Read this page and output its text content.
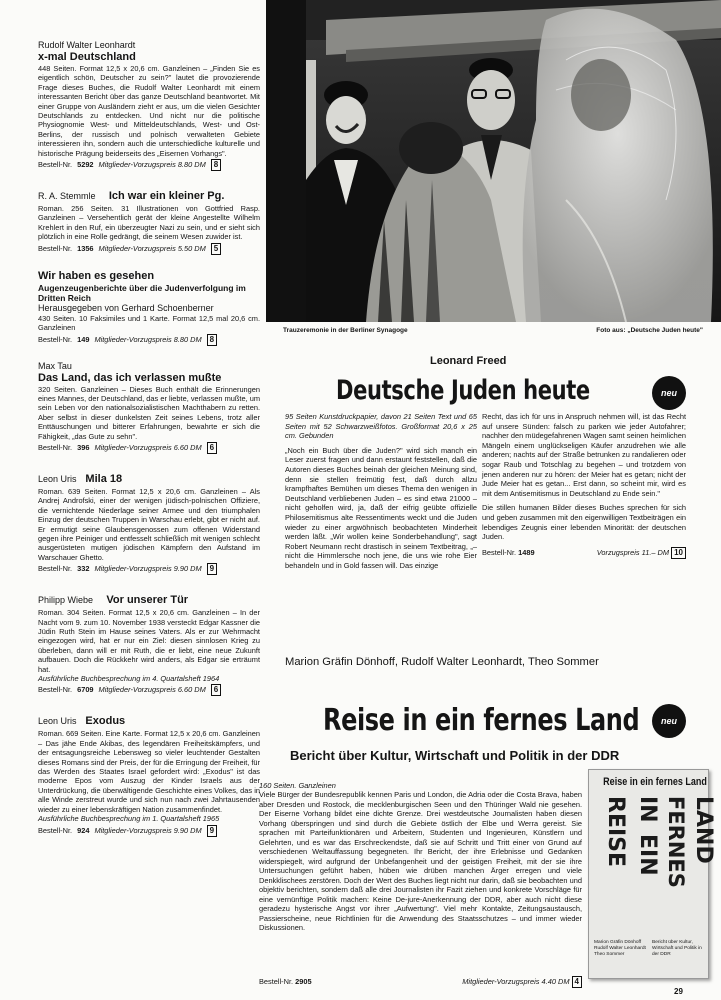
Rudolf Walter Leonhardt
x-mal Deutschland
448 Seiten. Format 12,5 x 20,6 cm. Ganzleinen – „Finden Sie es eigentlich schön, Deutscher zu sein?" lautet die provozierende Frage dieses Buches, die Rudolf Walter Leonhardt mit einem interessanten Bericht über das ganze Deutschland beantwortet. Mit einer Gruppe von Ausländern zieht er aus, um die vielen Gesichter Deutschlands zu entdecken. Und nicht nur die politische Physiognomie West- und Mitteldeutschlands, West- und Ost-Berlins, der russisch und polnisch verwalteten Gebiete interessieren ihn, sondern auch die unterschiedliche kulturelle und historische Prägung beiderseits des „Eisernen Vorhangs".
Bestell-Nr. 5292 Mitglieder-Vorzugspreis 8.80 DM	8
R. A. Stemmle Ich war ein kleiner Pg.
Roman. 256 Seiten. 31 Illustrationen von Gottfried Rasp. Ganzleinen – Versehentlich gerät der kleine Angestellte Wilhelm Krehlert in den Ruf, ein überzeugter Nazi zu sein, und er sieht sich plötzlich in eine Rolle gedrängt, die seinem Wesen zuwider ist.
Bestell-Nr. 1356 Mitglieder-Vorzugspreis 5.50 DM	5
Wir haben es gesehen
Augenzeugenberichte über die Judenverfolgung im Dritten Reich
Herausgegeben von Gerhard Schoenberner
430 Seiten. 10 Faksimiles und 1 Karte. Format 12,5 mal 20,6 cm. Ganzleinen
Bestell-Nr. 149 Mitglieder-Vorzugspreis 8.80 DM	8
Max Tau
Das Land, das ich verlassen mußte
320 Seiten. Ganzleinen – Dieses Buch enthält die Erinnerungen eines Mannes, der Deutschland, das er liebte, verlassen mußte, um sein Leben vor den nationalsozialistischen Machthabern zu retten. Aber selbst in dieser dunkelsten Zeit seines Lebens, trotz aller Enttäuschungen und bitterer Erfahrungen, bewahrte er sich die Fähigkeit, „das Gute zu sehn".
Bestell-Nr. 396 Mitglieder-Vorzugspreis 6.60 DM	6
Leon Uris Mila 18
Roman. 639 Seiten. Format 12,5 x 20,6 cm. Ganzleinen – Als Andrej Androfski, einer der wenigen jüdisch-polnischen Offiziere, die vernichtende Niederlage seiner Armee und den triumphalen Einzug der deutschen Truppen in Warschau erlebt, gibt er nicht auf. Er ermutigt seine Glaubensgenossen zum offenen Widerstand gegen ihre Peiniger und entfesselt schließlich mit wenigen schlecht ausgerüsteten mutigen jüdischen Kämpfern den Aufstand im Warschauer Ghetto.
Bestell-Nr. 332 Mitglieder-Vorzugspreis 9.90 DM	9
Philipp Wiebe Vor unserer Tür
Roman. 304 Seiten. Format 12,5 x 20,6 cm. Ganzleinen – In der Nacht vom 9. zum 10. November 1938 versteckt Edgar Kassner die Jüdin Ruth Stein im Hause seines Vaters. Als er zur Wehrmacht eingezogen wird, hat er nur ein Ziel: diesen sinnlosen Krieg zu überleben, dann will er mit Ruth, die er liebt, eine neue Zukunft aufbauen. Doch die Rückkehr wird anders, als Edgar sie erträumt hat.
Ausführliche Buchbesprechung im 4. Quartalsheft 1964
Bestell-Nr. 6709 Mitglieder-Vorzugspreis 6.60 DM	6
Leon Uris Exodus
Roman. 669 Seiten. Eine Karte. Format 12,5 x 20,6 cm. Ganzleinen – Das jähe Ende Akibas, des legendären Freiheitskämpfers, und der entsagungsreiche Lebensweg so vieler leuchtender Gestalten dieses Romans sind der Preis, der für die Erringung der Freiheit, für das Werden des Staates Israel gefordert wird: „Exodus" ist das moderne Epos vom Auszug der Kinder Israels aus der Unterdrückung, die überwältigende Geschichte eines Volkes, das in alle Winde zerstreut wurde und sich nun nach zwei Jahrtausenden wieder zu einer lebenskräftigen Nation zusammenfindet.
Ausführliche Buchbesprechung im 1. Quartalsheft 1965
Bestell-Nr. 924 Mitglieder-Vorzugspreis 9.90 DM	9
Trauzeremonie in der Berliner Synagoge	Foto aus: „Deutsche Juden heute"
Leonard Freed
Deutsche Juden heute	neu

95 Seiten Kunstdruckpapier, davon 21 Seiten Text und 65 Seiten mit 52 Schwarzweißfotos. Großformat 20,6 x 25 cm. Gebunden

„Noch ein Buch über die Juden?" wird sich manch ein Leser zuerst fragen und dann erstaunt feststellen, daß die Autoren dieses Buches beinah der gleichen Meinung sind, denn sie stellen freimütig fest, daß durch allzu krampfhaftes Bemühen um dieses Thema den wenigen in Deutschland verbliebenen Juden – es sind etwa 21000 – nicht geholfen wird, ja, daß der eifrig geübte offizielle Philosemitismus alte Ressentiments weckt und die Juden wieder zu einer argwöhnisch beobachteten Minderheit werden läßt. „Wir wollen keine Sonderbehandlung", sagt Robert Neumann recht drastisch in seinem Textbeitrag, „– nicht die Himmlersche noch jene, die uns wie rohe Eier behandeln und in Gold fassen will. Das einzige

Recht, das ich für uns in Anspruch nehmen will, ist das Recht auf unsere Sünden: falsch zu parken wie jeder Autofahrer; nachher den müdegefahrenen Wagen samt seinen heimlichen Mängeln einem unglückseligen Käufer anzudrehen wie alle anderen; nachts auf der Straße betrunken zu randalieren oder sogar Raub und Totschlag zu begehen – und trotzdem von jenen anderen nur zu hören: der Meier hat es getan; nicht der Jude Meier hat es getan... Erst dann, so scheint mir, wird es mit dem Antisemitismus in Deutschland zu Ende sein."

Die stillen humanen Bilder dieses Buches sprechen für sich und geben zusammen mit den eigenwilligen Textbeiträgen ein lebendiges Zeugnis einer lebenden Minorität: der deutschen Juden.

Bestell-Nr. 1489	Vorzugspreis 11.– DM 10
Marion Gräfin Dönhoff, Rudolf Walter Leonhardt, Theo Sommer
Reise in ein fernes Land	neu
Bericht über Kultur, Wirtschaft und Politik in der DDR
160 Seiten. Ganzleinen
Viele Bürger der Bundesrepublik kennen Paris und London, die Adria oder die Costa Brava, haben aber Dresden und Rostock, die mecklenburgischen Seen und den Thüringer Wald nie gesehen. Der Eiserne Vorhang bildet eine dichte Grenze. Drei westdeutsche Journalisten haben diesen Vorhang überspringen und sind durch die Gebiete östlich der Elbe und Werra gereist. Sie sprachen mit Parteifunktionären und Arbeitern, Studenten und Ingenieuren, Künstlern und Gelehrten, und es war das Erschreckendste, daß sie auf Schritt und Tritt einer von Grund auf verschiedenen Weltauffassung begegneten. Ihr Bericht, der ihre Erlebnisse und Gedanken widerspiegelt, wird aufgrund der Unbefangenheit und der geistigen Freiheit, mit der sie ihre Untersuchungen geführt haben, hüben wie drüben manchen Ärger erregen und viele Denkklischees zerstören. Doch der Wert des Buches liegt nicht nur darin, daß sie beobachten und objektiv berichten, sondern daß alle drei Journalisten ihr Fazit ziehen und konkrete Vorschläge für eine vernünftige Politik machen: Keine De-jure-Anerkennung der DDR, aber auch nicht diese geradezu hysterische Angst vor ihrer „Aufwertung". Viel mehr Kontakte, Zeitungsaustausch, Passierscheine, neue Richtlinien für die Anwendung des Staatsschutzes – und immer wieder Diskussionen.
Bestell-Nr. 2905	Mitglieder-Vorzugspreis 4.40 DM 4
Reise in ein fernes Land
REISE IN
EIN FERNES LAND
Marion Gräfin Dönhoff Rudolf Walter Leonhardt Theo Sommer
Bericht über Kultur, Wirtschaft und Politik in der DDR
29
